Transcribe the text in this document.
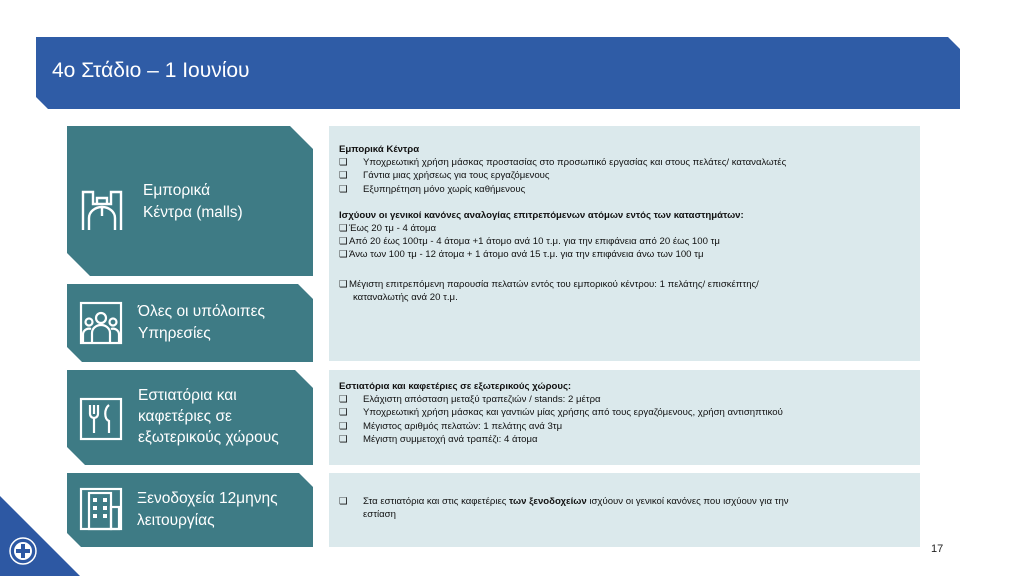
4ο Στάδιο – 1 Ιουνίου
Εμπορικά
Κέντρα (malls)
Όλες οι υπόλοιπες
Υπηρεσίες
Εστιατόρια και
καφετέριες σε
εξωτερικούς χώρους
Ξενοδοχεία 12μηνης
λειτουργίας
Εμπορικά Κέντρα
❑ Υποχρεωτική χρήση μάσκας προστασίας στο προσωπικό εργασίας και στους πελάτες/ καταναλωτές
❑ Γάντια μιας χρήσεως για τους εργαζόμενους
❑ Εξυπηρέτηση μόνο χωρίς καθήμενους
Ισχύουν οι γενικοί κανόνες αναλογίας επιτρεπόμενων ατόμων εντός των καταστημάτων:
❑ Έως 20 τμ - 4 άτομα
❑ Από 20 έως 100τμ - 4 άτομα +1 άτομο ανά 10 τ.μ. για την επιφάνεια από 20 έως 100 τμ
❑ Άνω των 100 τμ - 12 άτομα + 1 άτομο ανά 15 τ.μ. για την επιφάνεια άνω των 100 τμ
❑ Μέγιστη επιτρεπόμενη παρουσία πελατών εντός του εμπορικού κέντρου: 1 πελάτης/ επισκέπτης/
καταναλωτής ανά 20 τ.μ.
Εστιατόρια και καφετέριες σε εξωτερικούς χώρους:
❑ Ελάχιστη απόσταση μεταξύ τραπεζιών / stands: 2 μέτρα
❑ Υποχρεωτική χρήση μάσκας και γαντιών μίας χρήσης από τους εργαζόμενους, χρήση αντισηπτικού
❑ Μέγιστος αριθμός πελατών: 1 πελάτης ανά 3τμ
❑ Μέγιστη συμμετοχή ανά τραπέζι: 4 άτομα
❑ Στα εστιατόρια και στις καφετέριες των ξενοδοχείων ισχύουν οι γενικοί κανόνες που ισχύουν για την
εστίαση
17
